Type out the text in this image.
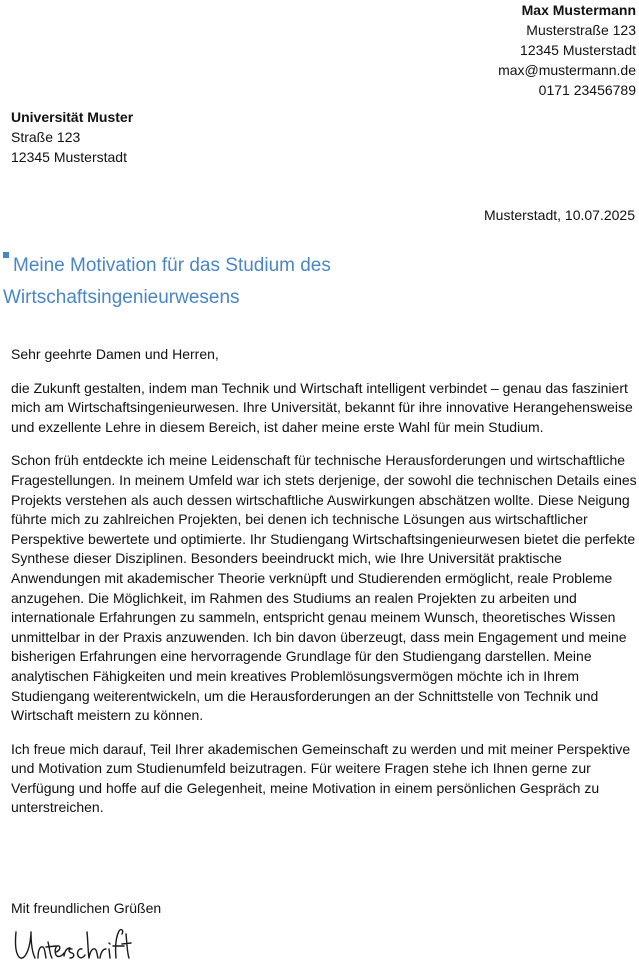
Max Mustermann
Musterstraße 123
12345 Musterstadt
max@mustermann.de
0171 23456789
Universität Muster
Straße 123
12345 Musterstadt
Musterstadt, 10.07.2025
Meine Motivation für das Studium des
Wirtschaftsingenieurwesens

Sehr geehrte Damen und Herren,

die Zukunft gestalten, indem man Technik und Wirtschaft intelligent verbindet – genau das fasziniert mich am Wirtschaftsingenieurwesen. Ihre Universität, bekannt für ihre innovative Herangehensweise und exzellente Lehre in diesem Bereich, ist daher meine erste Wahl für mein Studium.

Schon früh entdeckte ich meine Leidenschaft für technische Herausforderungen und wirtschaftliche Fragestellungen. In meinem Umfeld war ich stets derjenige, der sowohl die technischen Details eines Projekts verstehen als auch dessen wirtschaftliche Auswirkungen abschätzen wollte. Diese Neigung führte mich zu zahlreichen Projekten, bei denen ich technische Lösungen aus wirtschaftlicher Perspektive bewertete und optimierte. Ihr Studiengang Wirtschaftsingenieurwesen bietet die perfekte Synthese dieser Disziplinen. Besonders beeindruckt mich, wie Ihre Universität praktische Anwendungen mit akademischer Theorie verknüpft und Studierenden ermöglicht, reale Probleme anzugehen. Die Möglichkeit, im Rahmen des Studiums an realen Projekten zu arbeiten und internationale Erfahrungen zu sammeln, entspricht genau meinem Wunsch, theoretisches Wissen unmittelbar in der Praxis anzuwenden. Ich bin davon überzeugt, dass mein Engagement und meine bisherigen Erfahrungen eine hervorragende Grundlage für den Studiengang darstellen. Meine analytischen Fähigkeiten und mein kreatives Problemlösungsvermögen möchte ich in Ihrem Studiengang weiterentwickeln, um die Herausforderungen an der Schnittstelle von Technik und Wirtschaft meistern zu können.

Ich freue mich darauf, Teil Ihrer akademischen Gemeinschaft zu werden und mit meiner Perspektive und Motivation zum Studienumfeld beizutragen. Für weitere Fragen stehe ich Ihnen gerne zur Verfügung und hoffe auf die Gelegenheit, meine Motivation in einem persönlichen Gespräch zu unterstreichen.

Mit freundlichen Grüßen
